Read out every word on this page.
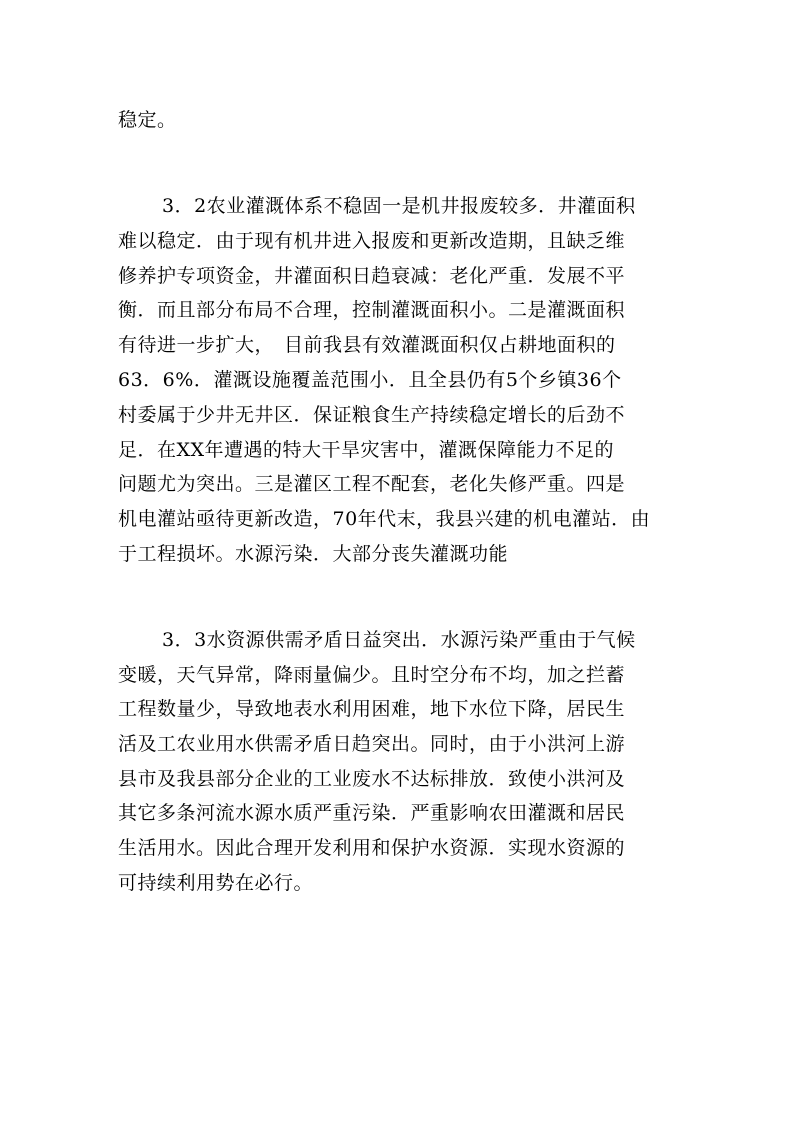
稳定。
3．2农业灌溉体系不稳固一是机井报废较多．井灌面积
难以稳定．由于现有机井进入报废和更新改造期，且缺乏维
修养护专项资金，井灌面积日趋衰减：老化严重．发展不平
衡．而且部分布局不合理，控制灌溉面积小。二是灌溉面积
有待进一步扩大，　目前我县有效灌溉面积仅占耕地面积的
63．6%．灌溉设施覆盖范围小．且全县仍有5个乡镇36个
村委属于少井无井区．保证粮食生产持续稳定增长的后劲不
足．在XX年遭遇的特大干旱灾害中，灌溉保障能力不足的
问题尤为突出。三是灌区工程不配套，老化失修严重。四是
机电灌站亟待更新改造，70年代末，我县兴建的机电灌站．由
于工程损坏。水源污染．大部分丧失灌溉功能
3．3水资源供需矛盾日益突出．水源污染严重由于气候
变暖，天气异常，降雨量偏少。且时空分布不均，加之拦蓄
工程数量少，导致地表水利用困难，地下水位下降，居民生
活及工农业用水供需矛盾日趋突出。同时，由于小洪河上游
县市及我县部分企业的工业废水不达标排放．致使小洪河及
其它多条河流水源水质严重污染．严重影响农田灌溉和居民
生活用水。因此合理开发利用和保护水资源．实现水资源的
可持续利用势在必行。
